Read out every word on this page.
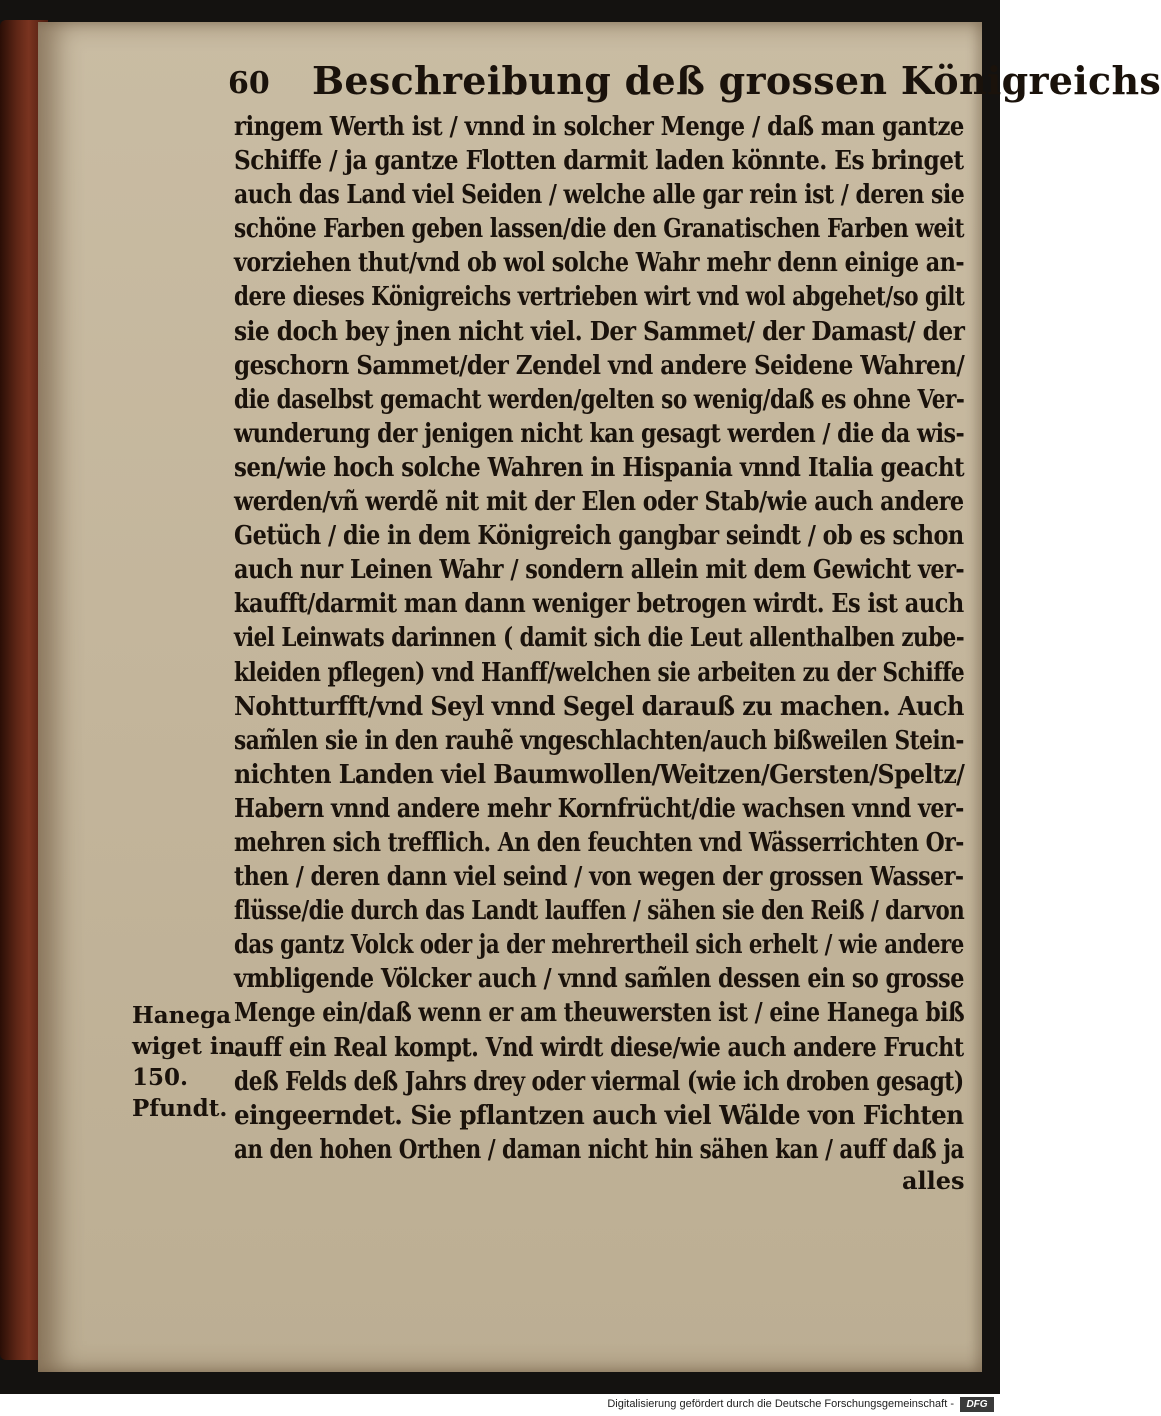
60 Beschreibung deß grossen Königreichs
ringem Werth ist / vnnd in solcher Menge / daß man gantze
Schiffe / ja gantze Flotten darmit laden könnte. Es bringet
auch das Land viel Seiden / welche alle gar rein ist / deren sie
schöne Farben geben lassen/die den Granatischen Farben weit
vorziehen thut/vnd ob wol solche Wahr mehr denn einige an-
dere dieses Königreichs vertrieben wirt vnd wol abgehet/so gilt
sie doch bey jnen nicht viel. Der Sammet/ der Damast/ der
geschorn Sammet/der Zendel vnd andere Seidene Wahren/
die daselbst gemacht werden/gelten so wenig/daß es ohne Ver-
wunderung der jenigen nicht kan gesagt werden / die da wis-
sen/wie hoch solche Wahren in Hispania vnnd Italia geacht
werden/vñ werdẽ nit mit der Elen oder Stab/wie auch andere
Getüch / die in dem Königreich gangbar seindt / ob es schon
auch nur Leinen Wahr / sondern allein mit dem Gewicht ver-
kaufft/darmit man dann weniger betrogen wirdt. Es ist auch
viel Leinwats darinnen ( damit sich die Leut allenthalben zube-
kleiden pflegen) vnd Hanff/welchen sie arbeiten zu der Schiffe
Nohtturfft/vnd Seyl vnnd Segel darauß zu machen. Auch
sam̃len sie in den rauhẽ vngeschlachten/auch bißweilen Stein-
nichten Landen viel Baumwollen/Weitzen/Gersten/Speltz/
Habern vnnd andere mehr Kornfrücht/die wachsen vnnd ver-
mehren sich trefflich. An den feuchten vnd Wässerrichten Or-
then / deren dann viel seind / von wegen der grossen Wasser-
flüsse/die durch das Landt lauffen / sähen sie den Reiß / darvon
das gantz Volck oder ja der mehrertheil sich erhelt / wie andere
vmbligende Völcker auch / vnnd sam̃len dessen ein so grosse
Menge ein/daß wenn er am theuwersten ist / eine Hanega biß
auff ein Real kompt. Vnd wirdt diese/wie auch andere Frucht
deß Felds deß Jahrs drey oder viermal (wie ich droben gesagt)
eingeerndet. Sie pflantzen auch viel Wälde von Fichten
an den hohen Orthen / daman nicht hin sähen kan / auff daß ja
Hanega
wiget in
150.
Pfundt.
alles
Digitalisierung gefördert durch die Deutsche Forschungsgemeinschaft -	DFG
